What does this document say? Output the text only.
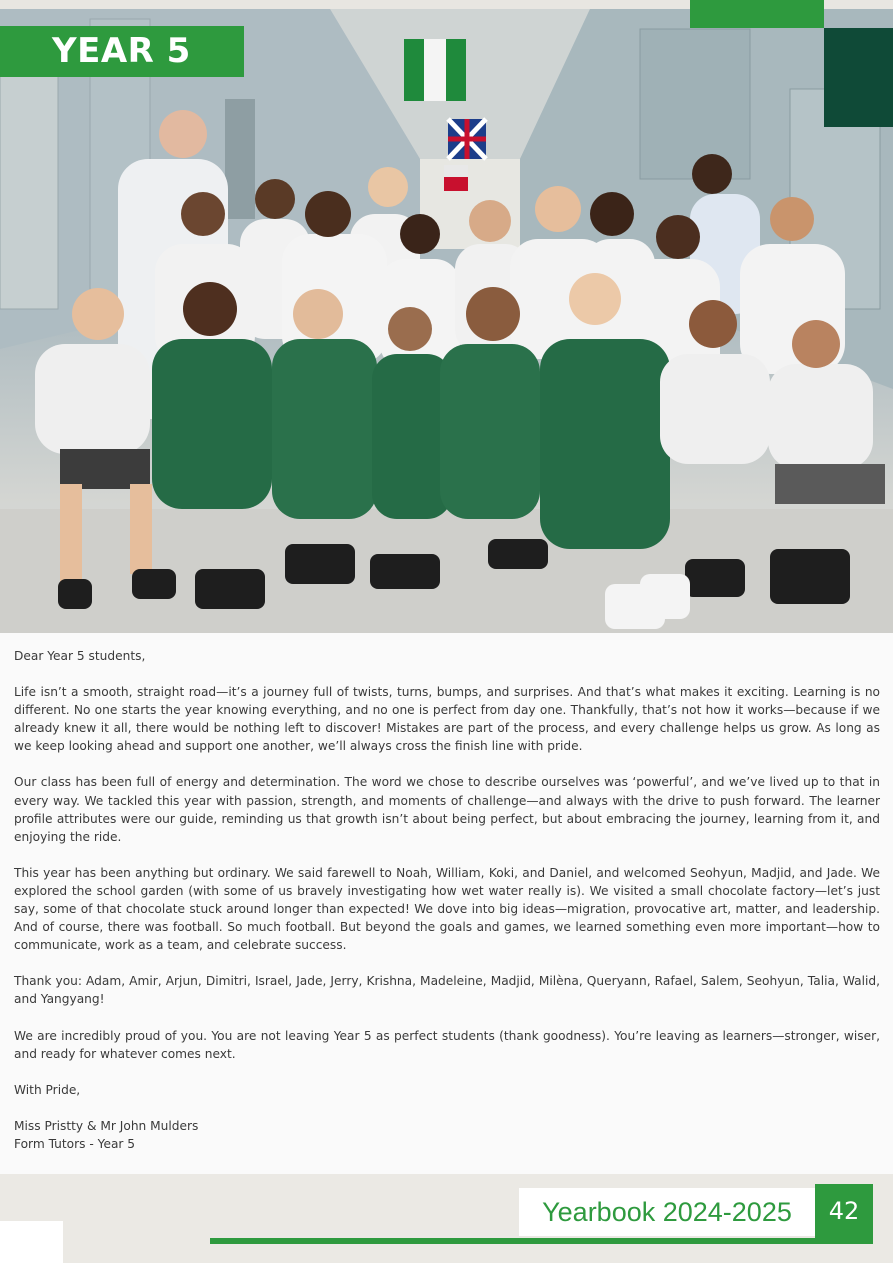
YEAR 5

Dear Year 5 students,

Life isn’t a smooth, straight road—it’s a journey full of twists, turns, bumps, and surprises. And that’s what makes it exciting. Learning is no different. No one starts the year knowing everything, and no one is perfect from day one. Thankfully, that’s not how it works—because if we already knew it all, there would be nothing left to discover! Mistakes are part of the process, and every challenge helps us grow. As long as we keep looking ahead and support one another, we’ll always cross the finish line with pride.

Our class has been full of energy and determination. The word we chose to describe ourselves was ‘powerful’, and we’ve lived up to that in every way. We tackled this year with passion, strength, and moments of challenge—and always with the drive to push forward. The learner profile attributes were our guide, reminding us that growth isn’t about being perfect, but about embracing the journey, learning from it, and enjoying the ride.

This year has been anything but ordinary. We said farewell to Noah, William, Koki, and Daniel, and welcomed Seohyun, Madjid, and Jade. We explored the school garden (with some of us bravely investigating how wet water really is). We visited a small chocolate factory—let’s just say, some of that chocolate stuck around longer than expected! We dove into big ideas—migration, provocative art, matter, and leadership. And of course, there was football. So much football. But beyond the goals and games, we learned something even more important—how to communicate, work as a team, and celebrate success.

Thank you: Adam, Amir, Arjun, Dimitri, Israel, Jade, Jerry, Krishna, Madeleine, Madjid, Milèna, Queryann, Rafael, Salem, Seohyun, Talia, Walid, and Yangyang!

We are incredibly proud of you. You are not leaving Year 5 as perfect students (thank goodness). You’re leaving as learners—stronger, wiser, and ready for whatever comes next.

With Pride,

Miss Pristty & Mr John Mulders

Form Tutors - Year 5

Yearbook 2024-2025	42
